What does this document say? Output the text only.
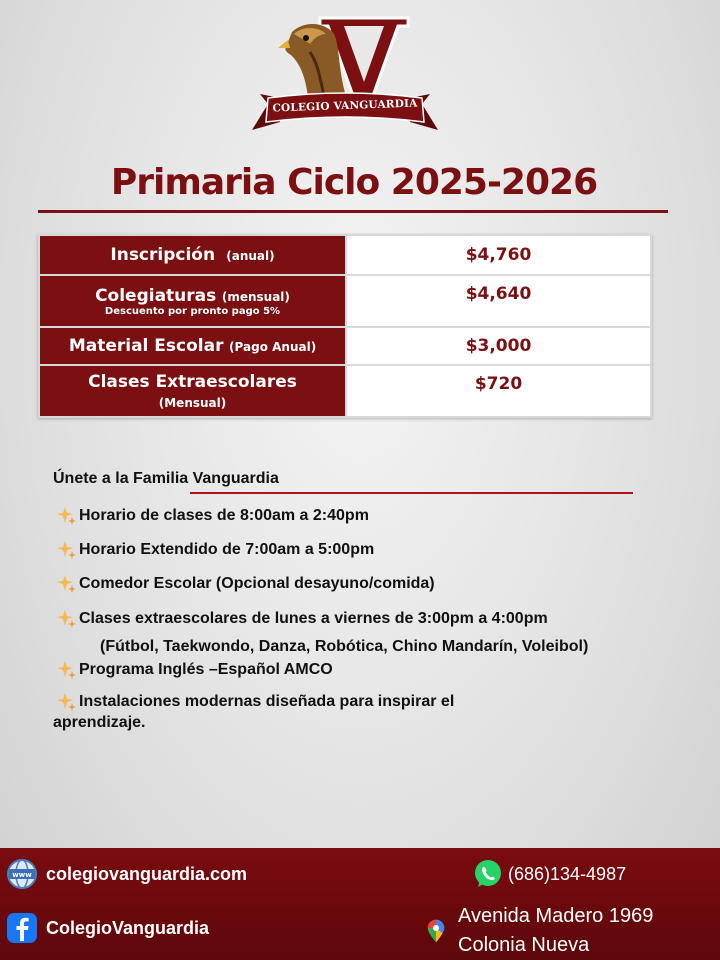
COLEGIO VANGUARDIA
Primaria Ciclo 2025-2026
Inscripción (anual)	$4,760
Colegiaturas (mensual)
Descuento por pronto pago 5%	$4,640
Material Escolar (Pago Anual)	$3,000
Clases Extraescolares
(Mensual)	$720
Únete a la Familia Vanguardia
Horario de clases de 8:00am a 2:40pm
Horario Extendido de 7:00am a 5:00pm
Comedor Escolar (Opcional desayuno/comida)
Clases extraescolares de lunes a viernes de 3:00pm a 4:00pm
Programa Inglés –Español AMCO
Instalaciones modernas diseñada para inspirar el
aprendizaje.
(Fútbol, Taekwondo, Danza, Robótica, Chino Mandarín, Voleibol)
www colegiovanguardia.com
ColegioVanguardia
(686)134-4987
Avenida Madero 1969
Colonia Nueva
